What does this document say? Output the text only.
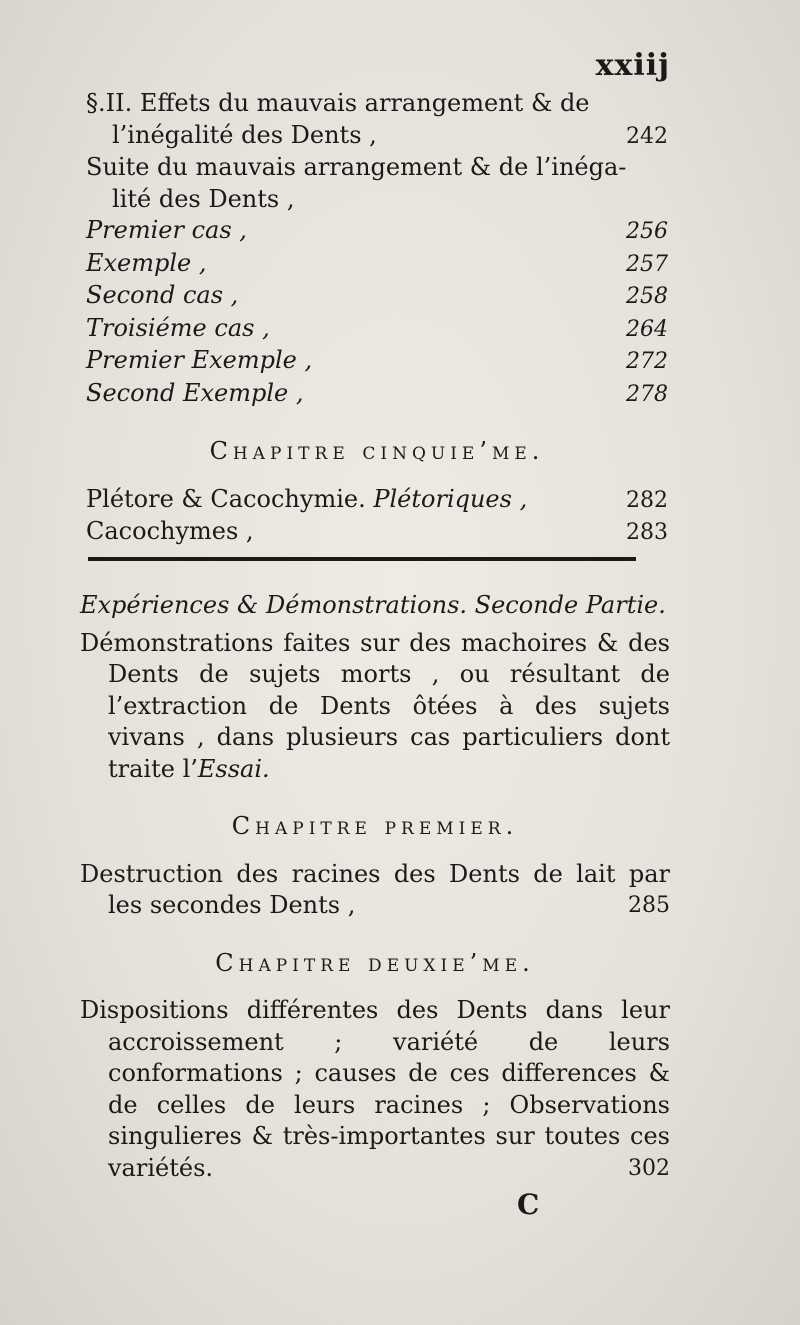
xxiij
§.II. Effets du mauvais arrangement & de
l’inégalité des Dents ,	242
Suite du mauvais arrangement & de l’inéga-
lité des Dents ,
Premier cas ,	256
Exemple ,	257
Second cas ,	258
Troisiéme cas ,	264
Premier Exemple ,	272
Second Exemple ,	278
Chapitre cinquie’me.
Plétore & Cacochymie. Plétoriques ,	282
Cacochymes ,	283
Expériences & Démonstrations. Seconde Partie.
Démonstrations faites sur des machoires & des Dents de sujets morts , ou résultant de l’extraction de Dents ôtées à des sujets vivans , dans plusieurs cas particuliers dont traite l’Essai.
Chapitre premier.
Destruction des racines des Dents de lait par les secondes Dents ,	285
Chapitre deuxie’me.
Dispositions différentes des Dents dans leur accroissement ; variété de leurs conformations ; causes de ces differences & de celles de leurs racines ; Observations singulieres & très-importantes sur toutes ces variétés.	302
C
